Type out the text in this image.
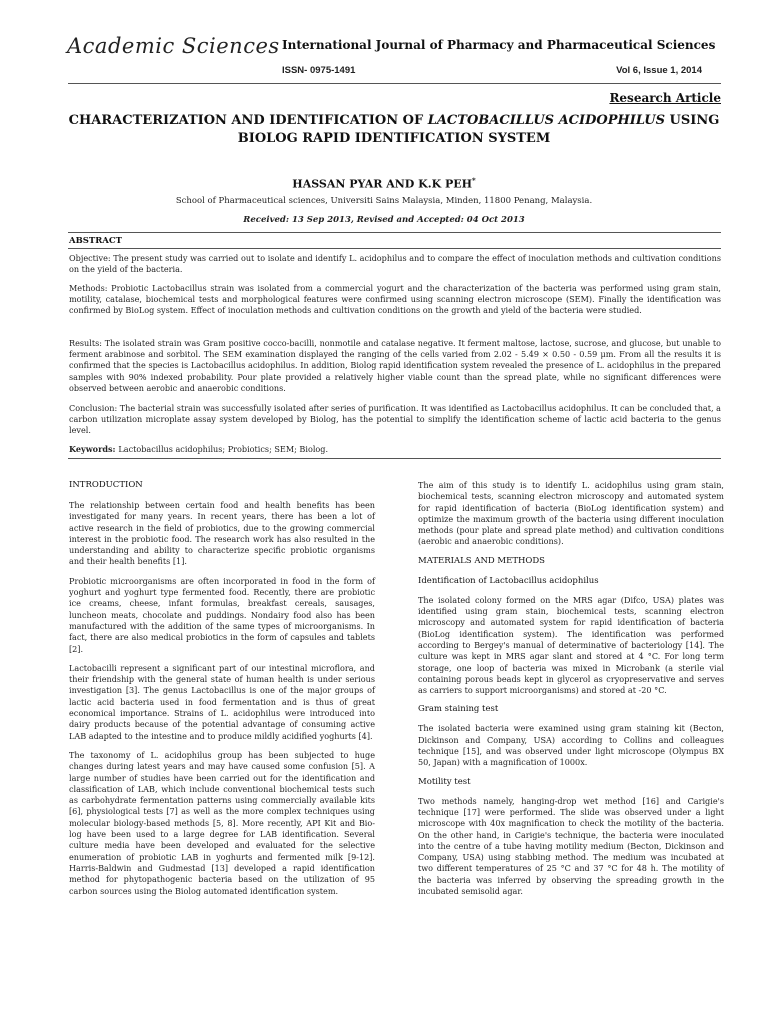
Academic Sciences International Journal of Pharmacy and Pharmaceutical Sciences
ISSN- 0975-1491	Vol 6, Issue 1, 2014
Research Article
CHARACTERIZATION AND IDENTIFICATION OF LACTOBACILLUS ACIDOPHILUS USING BIOLOG RAPID IDENTIFICATION SYSTEM
HASSAN PYAR AND K.K PEH*
School of Pharmaceutical sciences, Universiti Sains Malaysia, Minden, 11800 Penang, Malaysia.
Received: 13 Sep 2013, Revised and Accepted: 04 Oct 2013
ABSTRACT

Objective: The present study was carried out to isolate and identify L. acidophilus and to compare the effect of inoculation methods and cultivation conditions on the yield of the bacteria.

Methods: Probiotic Lactobacillus strain was isolated from a commercial yogurt and the characterization of the bacteria was performed using gram stain, motility, catalase, biochemical tests and morphological features were confirmed using scanning electron microscope (SEM). Finally the identification was confirmed by BioLog system. Effect of inoculation methods and cultivation conditions on the growth and yield of the bacteria were studied.

Results: The isolated strain was Gram positive cocco-bacilli, nonmotile and catalase negative. It ferment maltose, lactose, sucrose, and glucose, but unable to ferment arabinose and sorbitol. The SEM examination displayed the ranging of the cells varied from 2.02 - 5.49 × 0.50 - 0.59 μm. From all the results it is confirmed that the species is Lactobacillus acidophilus. In addition, Biolog rapid identification system revealed the presence of L. acidophilus in the prepared samples with 90% indexed probability. Pour plate provided a relatively higher viable count than the spread plate, while no significant differences were observed between aerobic and anaerobic conditions.

Conclusion: The bacterial strain was successfully isolated after series of purification. It was identified as Lactobacillus acidophilus. It can be concluded that, a carbon utilization microplate assay system developed by Biolog, has the potential to simplify the identification scheme of lactic acid bacteria to the genus level.

Keywords: Lactobacillus acidophilus; Probiotics; SEM; Biolog.
INTRODUCTION

The relationship between certain food and health benefits has been investigated for many years. In recent years, there has been a lot of active research in the field of probiotics, due to the growing commercial interest in the probiotic food. The research work has also resulted in the understanding and ability to characterize specific probiotic organisms and their health benefits [1].

Probiotic microorganisms are often incorporated in food in the form of yoghurt and yoghurt type fermented food. Recently, there are probiotic ice creams, cheese, infant formulas, breakfast cereals, sausages, luncheon meats, chocolate and puddings. Nondairy food also has been manufactured with the addition of the same types of microorganisms. In fact, there are also medical probiotics in the form of capsules and tablets [2].

Lactobacilli represent a significant part of our intestinal microflora, and their friendship with the general state of human health is under serious investigation [3]. The genus Lactobacillus is one of the major groups of lactic acid bacteria used in food fermentation and is thus of great economical importance. Strains of L. acidophilus were introduced into dairy products because of the potential advantage of consuming active LAB adapted to the intestine and to produce mildly acidified yoghurts [4].

The taxonomy of L. acidophilus group has been subjected to huge changes during latest years and may have caused some confusion [5]. A large number of studies have been carried out for the identification and classification of LAB, which include conventional biochemical tests such as carbohydrate fermentation patterns using commercially available kits [6], physiological tests [7] as well as the more complex techniques using molecular biology-based methods [5, 8]. More recently, API Kit and Bio-log have been used to a large degree for LAB identification. Several culture media have been developed and evaluated for the selective enumeration of probiotic LAB in yoghurts and fermented milk [9-12]. Harris-Baldwin and Gudmestad [13] developed a rapid identification method for phytopathogenic bacteria based on the utilization of 95 carbon sources using the Biolog automated identification system.

The aim of this study is to identify L. acidophilus using gram stain, biochemical tests, scanning electron microscopy and automated system for rapid identification of bacteria (BioLog identification system) and optimize the maximum growth of the bacteria using different inoculation methods (pour plate and spread plate method) and cultivation conditions (aerobic and anaerobic conditions).

MATERIALS AND METHODS
Identification of Lactobacillus acidophilus

The isolated colony formed on the MRS agar (Difco, USA) plates was identified using gram stain, biochemical tests, scanning electron microscopy and automated system for rapid identification of bacteria (BioLog identification system). The identification was performed according to Bergey's manual of determinative of bacteriology [14]. The culture was kept in MRS agar slant and stored at 4 °C. For long term storage, one loop of bacteria was mixed in Microbank (a sterile vial containing porous beads kept in glycerol as cryopreservative and serves as carriers to support microorganisms) and stored at -20 °C.

Gram staining test

The isolated bacteria were examined using gram staining kit (Becton, Dickinson and Company, USA) according to Collins and colleagues technique [15], and was observed under light microscope (Olympus BX 50, Japan) with a magnification of 1000x.

Motility test

Two methods namely, hanging-drop wet method [16] and Carigie's technique [17] were performed. The slide was observed under a light microscope with 40x magnification to check the motility of the bacteria. On the other hand, in Carigie's technique, the bacteria were inoculated into the centre of a tube having motility medium (Becton, Dickinson and Company, USA) using stabbing method. The medium was incubated at two different temperatures of 25 °C and 37 °C for 48 h. The motility of the bacteria was inferred by observing the spreading growth in the incubated semisolid agar.
